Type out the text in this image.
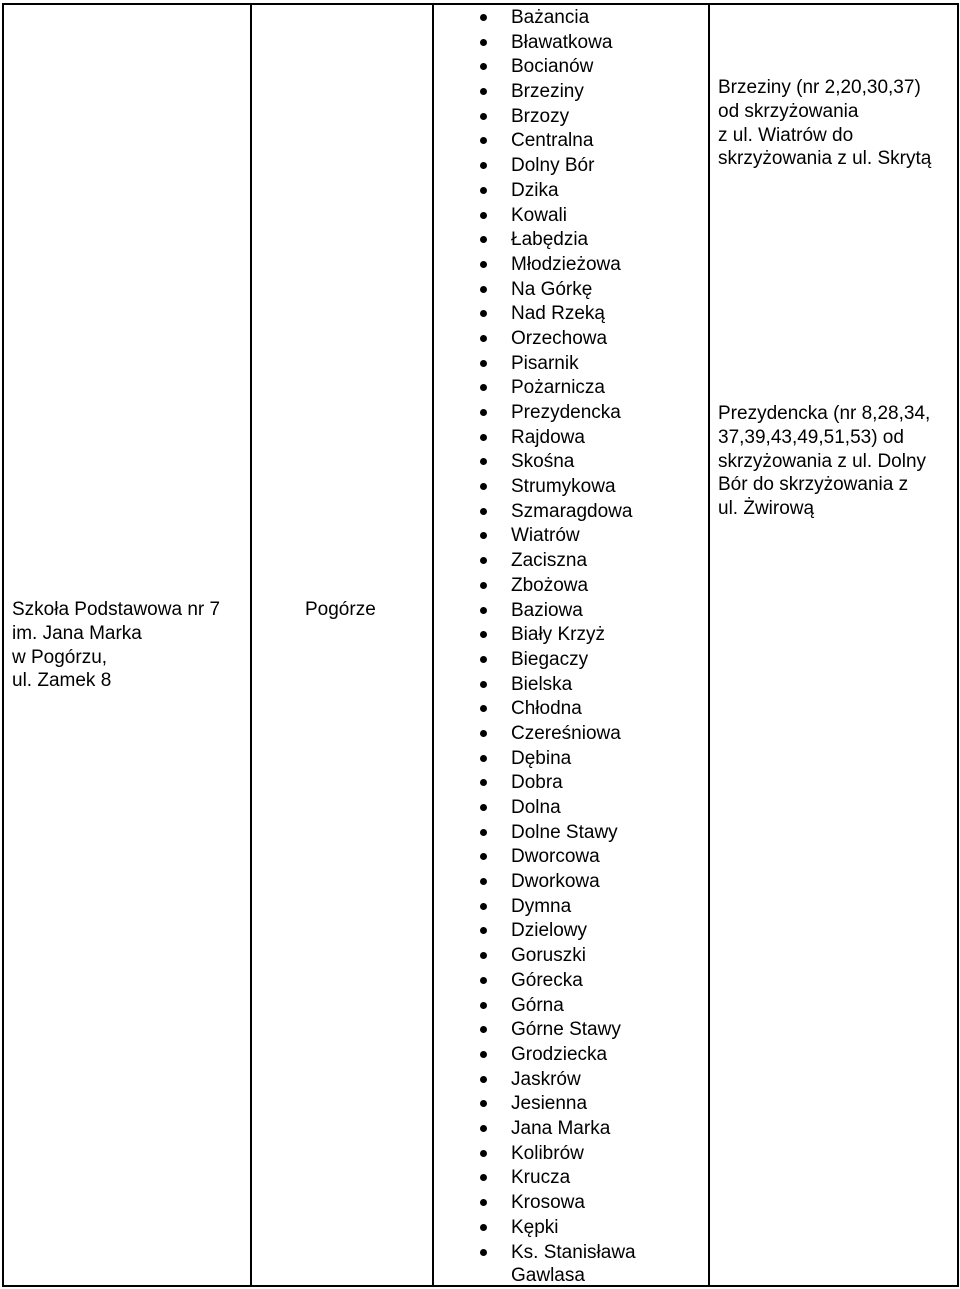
Szkoła Podstawowa nr 7
im. Jana Marka
w Pogórzu,
ul. Zamek 8
Pogórze
Bażancia
Bławatkowa
Bocianów
Brzeziny
Brzozy
Centralna
Dolny Bór
Dzika
Kowali
Łabędzia
Młodzieżowa
Na Górkę
Nad Rzeką
Orzechowa
Pisarnik
Pożarnicza
Prezydencka
Rajdowa
Skośna
Strumykowa
Szmaragdowa
Wiatrów
Zaciszna
Zbożowa
Baziowa
Biały Krzyż
Biegaczy
Bielska
Chłodna
Czereśniowa
Dębina
Dobra
Dolna
Dolne Stawy
Dworcowa
Dworkowa
Dymna
Dzielowy
Goruszki
Górecka
Górna
Górne Stawy
Grodziecka
Jaskrów
Jesienna
Jana Marka
Kolibrów
Krucza
Krosowa
Kępki
Ks. Stanisława Gawlasa
Brzeziny (nr 2,20,30,37)
od skrzyżowania
z ul. Wiatrów do
skrzyżowania z ul. Skrytą
Prezydencka (nr 8,28,34,
37,39,43,49,51,53) od
skrzyżowania z ul. Dolny
Bór do skrzyżowania z
ul. Żwirową
